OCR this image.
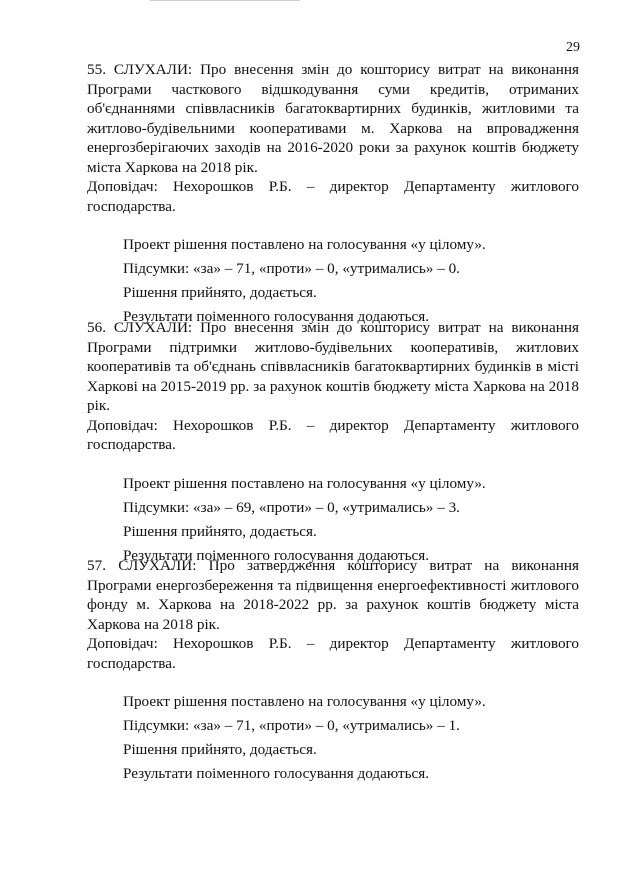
29

55. СЛУХАЛИ: Про внесення змін до кошторису витрат на виконання Програми часткового відшкодування суми кредитів, отриманих об'єднаннями співвласників багатоквартирних будинків, житловими та житлово-будівельними кооперативами м. Харкова на впровадження енергозберігаючих заходів на 2016-2020 роки за рахунок коштів бюджету міста Харкова на 2018 рік.

Доповідач: Нехорошков Р.Б. – директор Департаменту житлового господарства.

Проект рішення поставлено на голосування «у цілому».
Підсумки: «за» – 71, «проти» – 0, «утримались» – 0.
Рішення прийнято, додається.
Результати поіменного голосування додаються.

56. СЛУХАЛИ: Про внесення змін до кошторису витрат на виконання Програми підтримки житлово-будівельних кооперативів, житлових кооперативів та об'єднань співвласників багатоквартирних будинків в місті Харкові на 2015-2019 рр. за рахунок коштів бюджету міста Харкова на 2018 рік.

Доповідач: Нехорошков Р.Б. – директор Департаменту житлового господарства.

Проект рішення поставлено на голосування «у цілому».
Підсумки: «за» – 69, «проти» – 0, «утримались» – 3.
Рішення прийнято, додається.
Результати поіменного голосування додаються.

57. СЛУХАЛИ: Про затвердження кошторису витрат на виконання Програми енергозбереження та підвищення енергоефективності житлового фонду м. Харкова на 2018-2022 рр. за рахунок коштів бюджету міста Харкова на 2018 рік.

Доповідач: Нехорошков Р.Б. – директор Департаменту житлового господарства.

Проект рішення поставлено на голосування «у цілому».
Підсумки: «за» – 71, «проти» – 0, «утримались» – 1.
Рішення прийнято, додається.
Результати поіменного голосування додаються.
